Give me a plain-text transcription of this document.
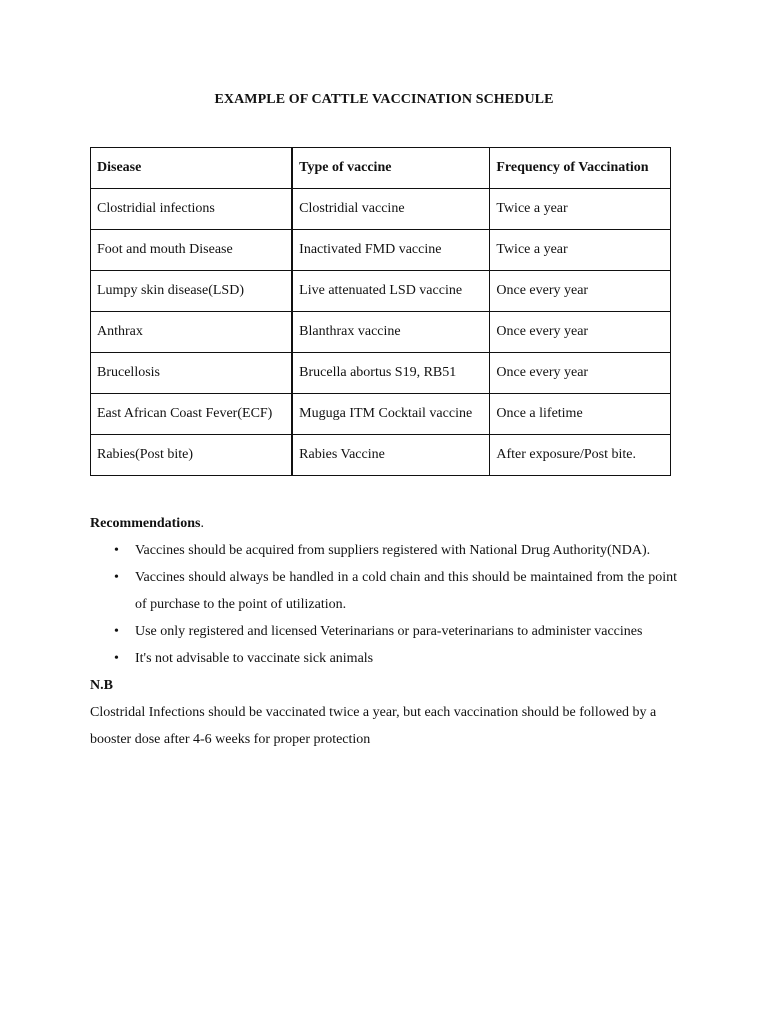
EXAMPLE OF CATTLE VACCINATION SCHEDULE
Disease	Type of vaccine	Frequency of Vaccination
Clostridial infections	Clostridial vaccine	Twice a year
Foot and mouth Disease	Inactivated FMD vaccine	Twice a year
Lumpy skin disease(LSD)	Live attenuated LSD vaccine	Once every year
Anthrax	Blanthrax vaccine	Once every year
Brucellosis	Brucella abortus S19, RB51	Once every year
East African Coast Fever(ECF)	Muguga ITM Cocktail vaccine	Once a lifetime
Rabies(Post bite)	Rabies Vaccine	After exposure/Post bite.
Recommendations.
• Vaccines should be acquired from suppliers registered with National Drug Authority(NDA).
• Vaccines should always be handled in a cold chain and this should be maintained from the point of purchase to the point of utilization.
• Use only registered and licensed Veterinarians or para-veterinarians to administer vaccines
• It's not advisable to vaccinate sick animals
N.B
Clostridal Infections should be vaccinated twice a year, but each vaccination should be followed by a booster dose after 4-6 weeks for proper protection
